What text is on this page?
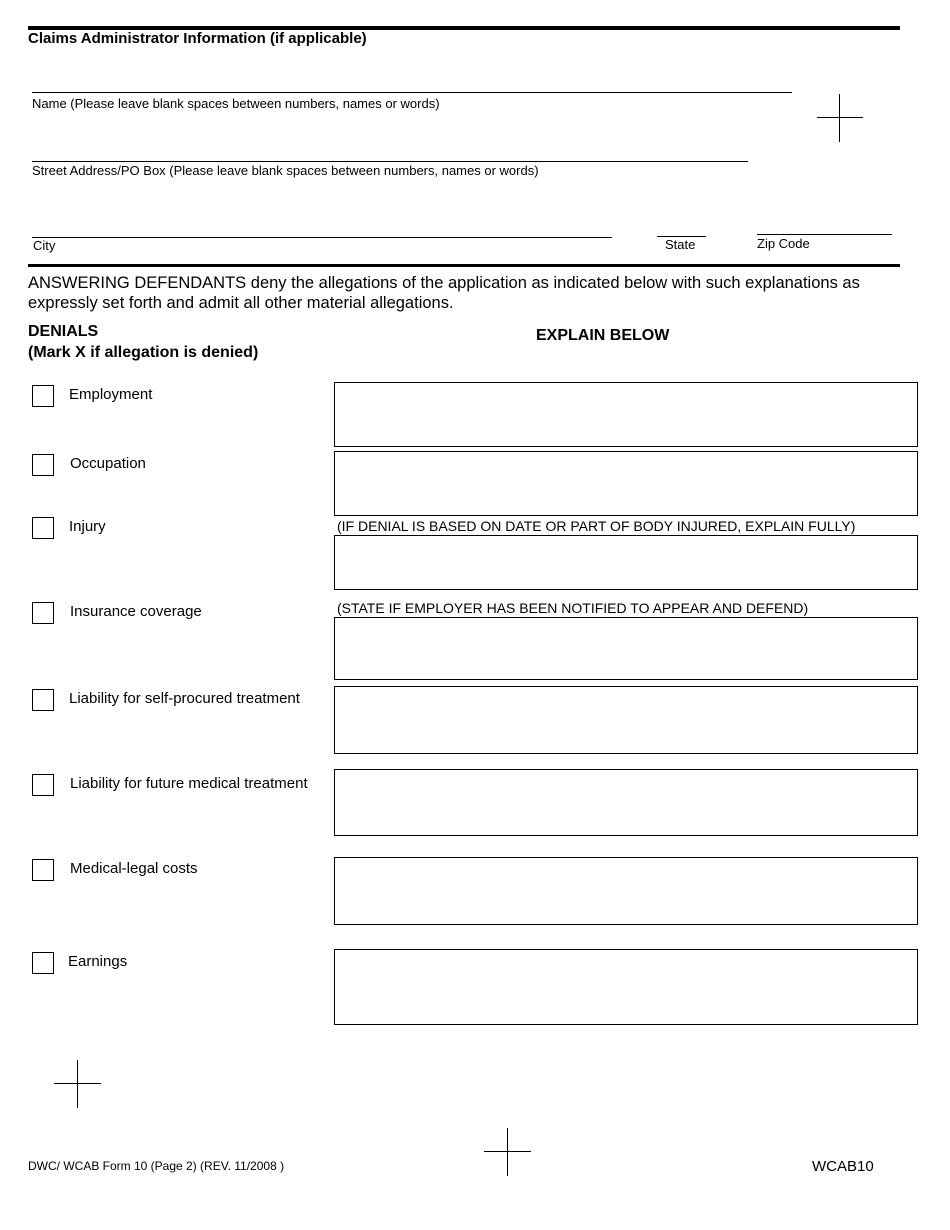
Claims Administrator Information (if applicable)
Name (Please leave blank spaces between numbers, names or words)
Street Address/PO Box (Please leave blank spaces between numbers, names or words)
City	State	Zip Code
ANSWERING DEFENDANTS deny the allegations of the application as indicated below with such explanations as expressly set forth and admit all other material allegations.
DENIALS
(Mark X if allegation is denied)
EXPLAIN BELOW
Employment
Occupation
Injury	(IF DENIAL IS BASED ON DATE OR PART OF BODY INJURED, EXPLAIN FULLY)
Insurance coverage	(STATE IF EMPLOYER HAS BEEN NOTIFIED TO APPEAR AND DEFEND)
Liability for self-procured treatment
Liability for future medical treatment
Medical-legal costs
Earnings
DWC/ WCAB Form 10 (Page 2) (REV. 11/2008 )	WCAB10
